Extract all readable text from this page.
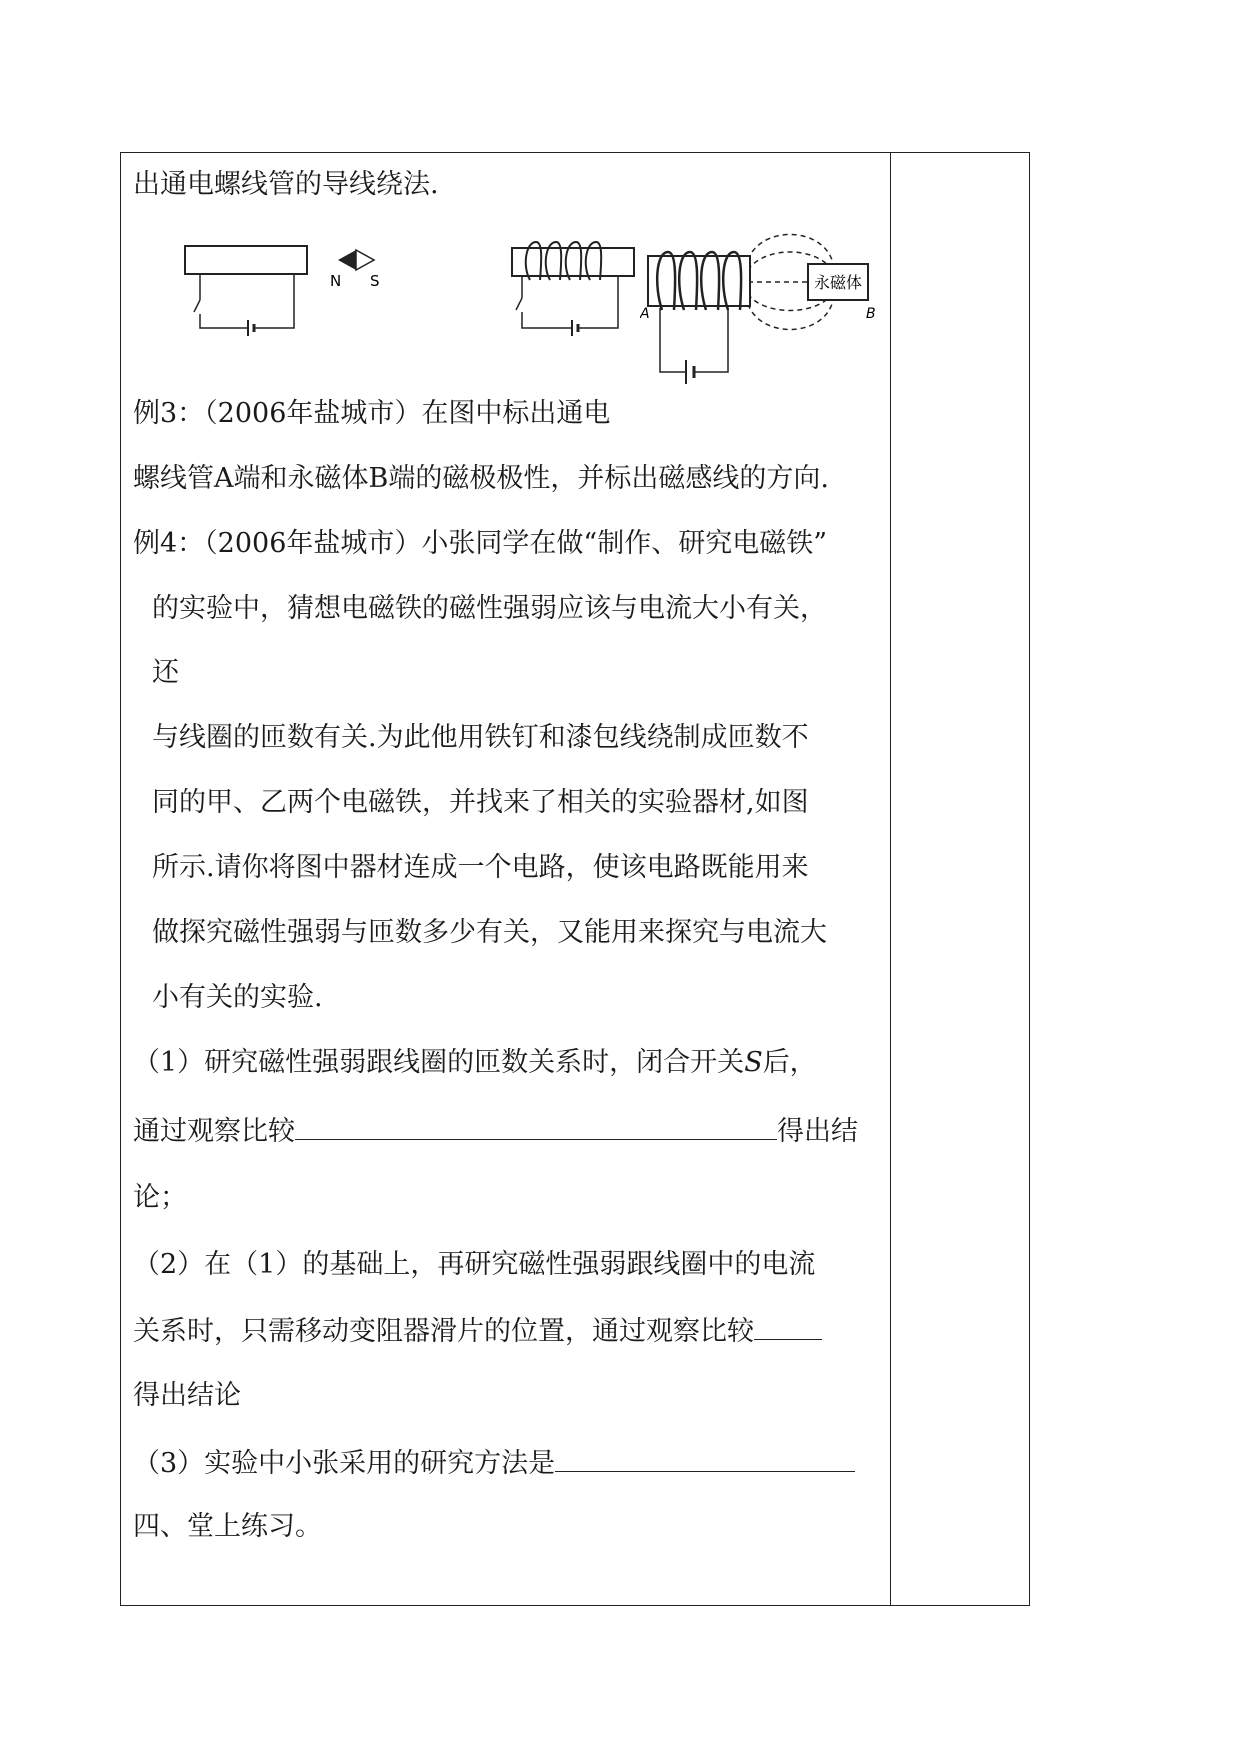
出通电螺线管的导线绕法.
N S	永磁体
A	B
例3：（2006年盐城市）在图中标出通电
螺线管A端和永磁体B端的磁极极性，并标出磁感线的方向.
例4：（2006年盐城市）小张同学在做“制作、研究电磁铁”
的实验中，猜想电磁铁的磁性强弱应该与电流大小有关，
还
与线圈的匝数有关.为此他用铁钉和漆包线绕制成匝数不
同的甲、乙两个电磁铁，并找来了相关的实验器材,如图
所示.请你将图中器材连成一个电路，使该电路既能用来
做探究磁性强弱与匝数多少有关，又能用来探究与电流大
小有关的实验.
（1）研究磁性强弱跟线圈的匝数关系时，闭合开关S后，
通过观察比较	得出结
论；
（2）在（1）的基础上，再研究磁性强弱跟线圈中的电流
关系时，只需移动变阻器滑片的位置，通过观察比较
得出结论
（3）实验中小张采用的研究方法是
四、堂上练习。
